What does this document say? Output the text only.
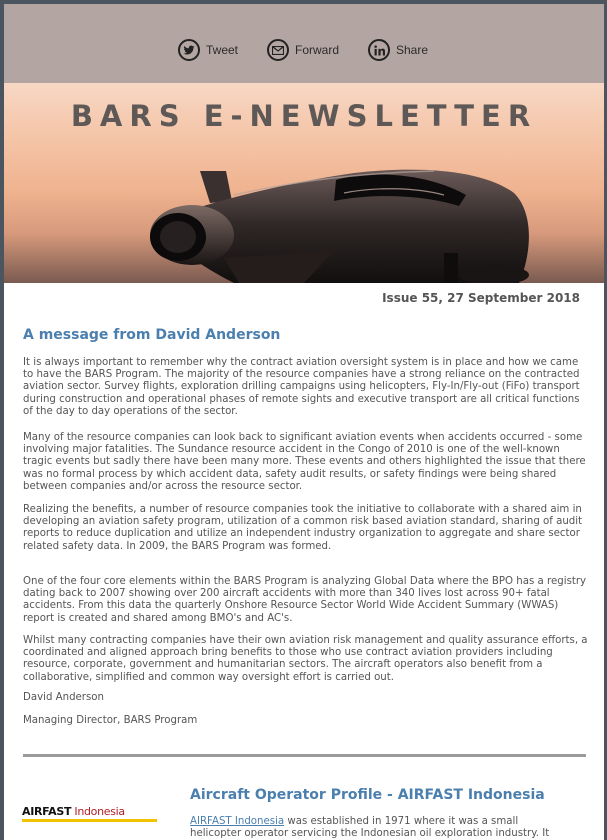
Tweet	Forward	Share
BARS E-NEWSLETTER
Issue 55, 27 September 2018
A message from David Anderson
It is always important to remember why the contract aviation oversight system is in place and how we came to have the BARS Program. The majority of the resource companies have a strong reliance on the contracted aviation sector. Survey flights, exploration drilling campaigns using helicopters, Fly-In/Fly-out (FiFo) transport during construction and operational phases of remote sights and executive transport are all critical functions of the day to day operations of the sector.
Many of the resource companies can look back to significant aviation events when accidents occurred - some involving major fatalities. The Sundance resource accident in the Congo of 2010 is one of the well-known tragic events but sadly there have been many more. These events and others highlighted the issue that there was no formal process by which accident data, safety audit results, or safety findings were being shared between companies and/or across the resource sector.
Realizing the benefits, a number of resource companies took the initiative to collaborate with a shared aim in developing an aviation safety program, utilization of a common risk based aviation standard, sharing of audit reports to reduce duplication and utilize an independent industry organization to aggregate and share sector related safety data. In 2009, the BARS Program was formed.
One of the four core elements within the BARS Program is analyzing Global Data where the BPO has a registry dating back to 2007 showing over 200 aircraft accidents with more than 340 lives lost across 90+ fatal accidents. From this data the quarterly Onshore Resource Sector World Wide Accident Summary (WWAS) report is created and shared among BMO's and AC's.
Whilst many contracting companies have their own aviation risk management and quality assurance efforts, a coordinated and aligned approach bring benefits to those who use contract aviation providers including resource, corporate, government and humanitarian sectors. The aircraft operators also benefit from a collaborative, simplified and common way oversight effort is carried out.
David Anderson
Managing Director, BARS Program
AIRFAST Indonesia
Aircraft Operator Profile - AIRFAST Indonesia
AIRFAST Indonesia was established in 1971 where it was a small
helicopter operator servicing the Indonesian oil exploration industry. It
